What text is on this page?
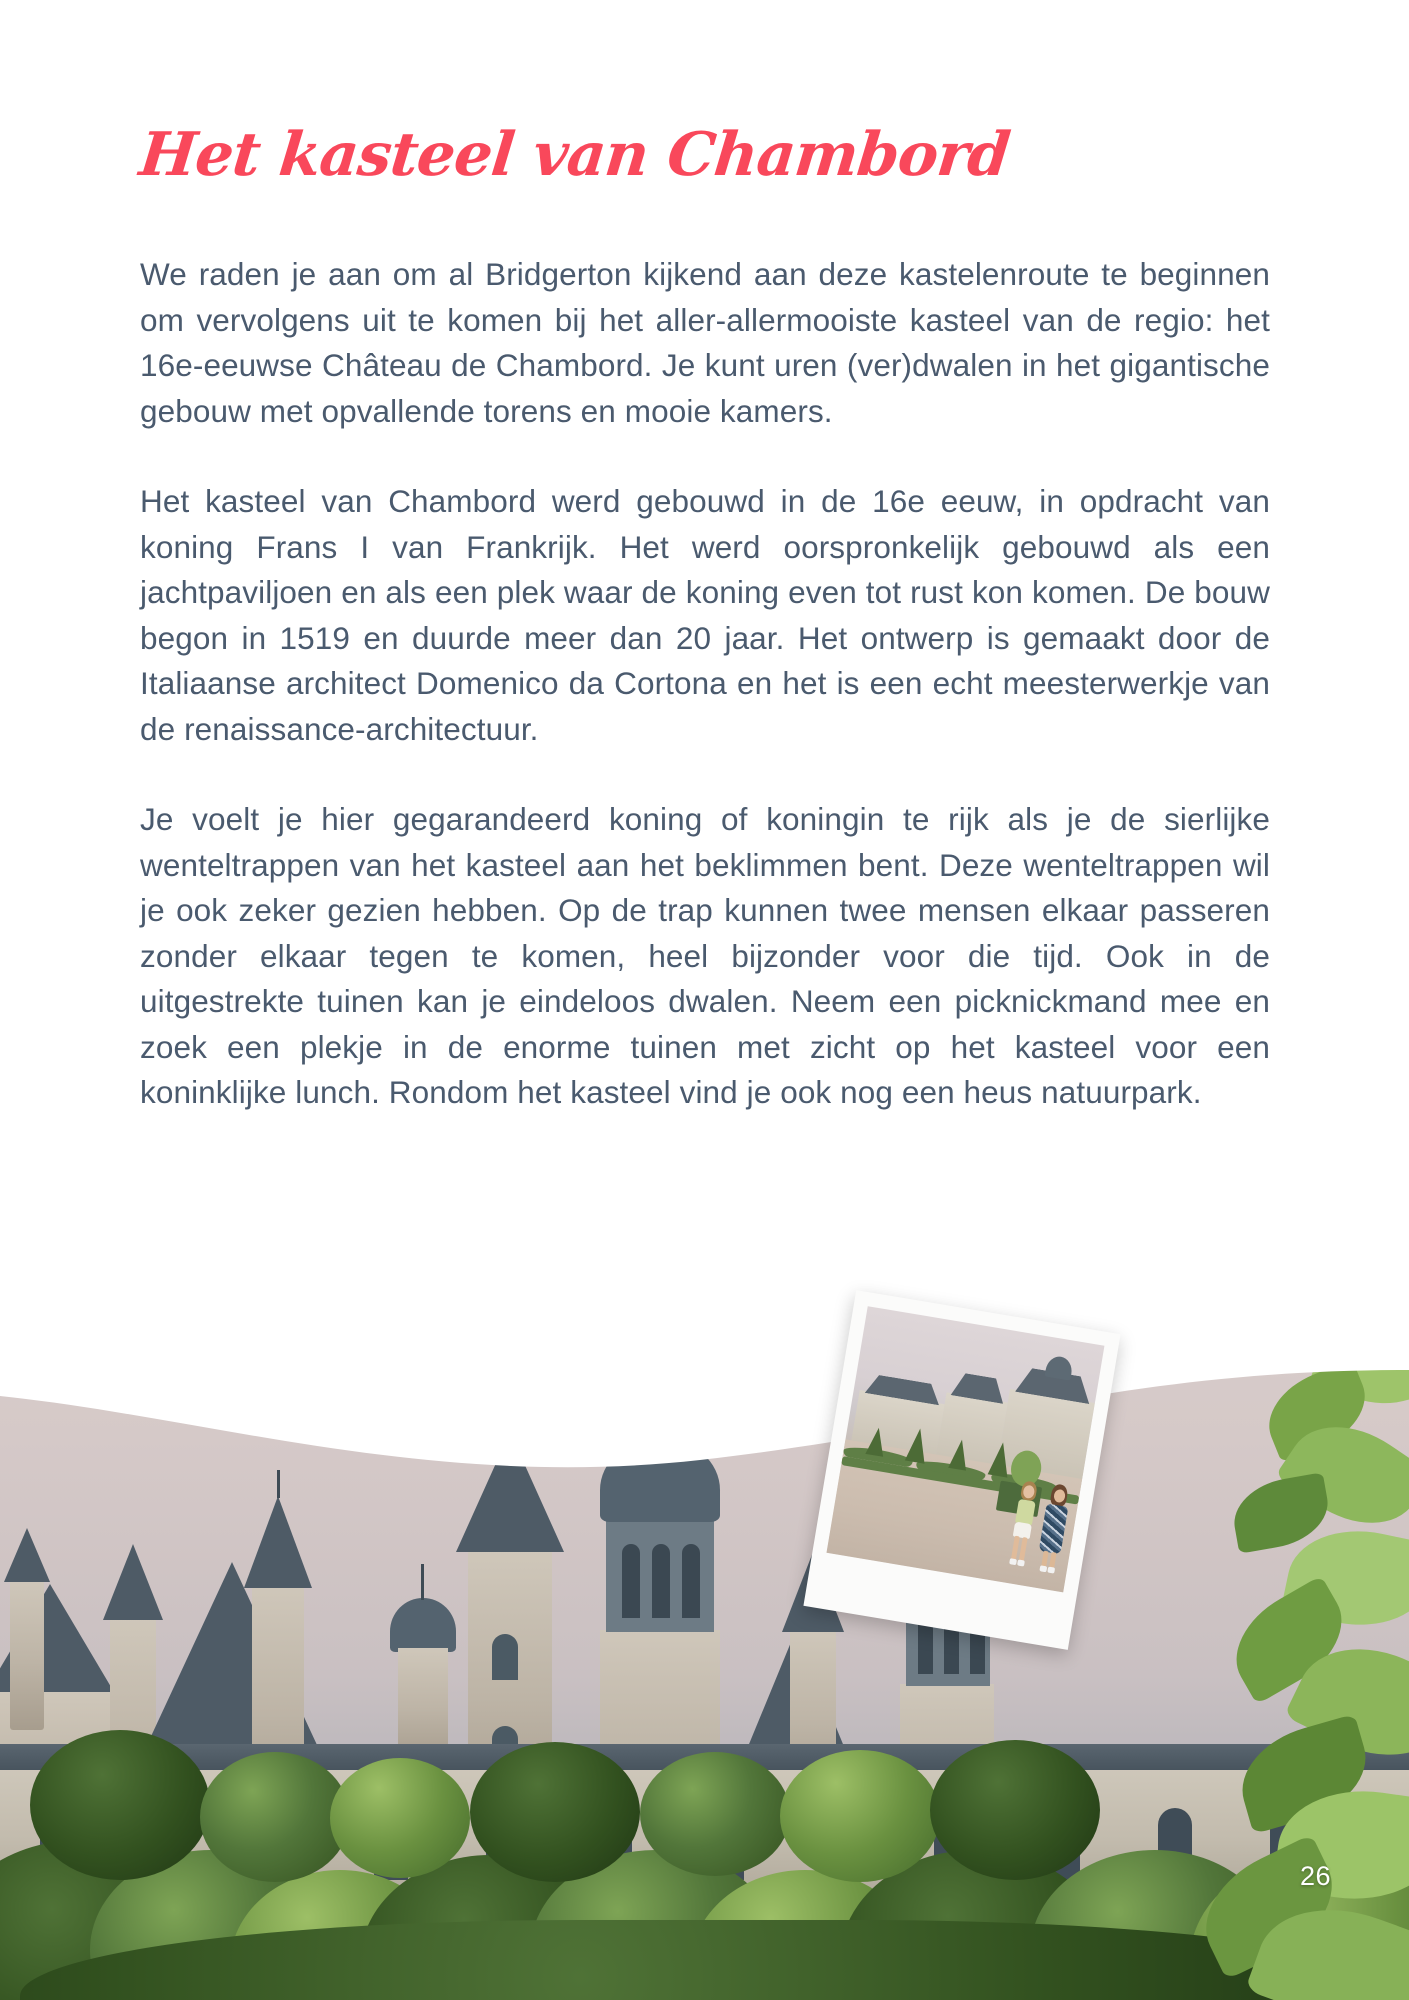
Het kasteel van Chambord

We raden je aan om al Bridgerton kijkend aan deze kastelenroute te beginnen om vervolgens uit te komen bij het aller-allermooiste kasteel van de regio: het 16e-eeuwse Château de Chambord. Je kunt uren (ver)dwalen in het gigantische gebouw met opvallende torens en mooie kamers.

Het kasteel van Chambord werd gebouwd in de 16e eeuw, in opdracht van koning Frans I van Frankrijk. Het werd oorspronkelijk gebouwd als een jachtpaviljoen en als een plek waar de koning even tot rust kon komen. De bouw begon in 1519 en duurde meer dan 20 jaar. Het ontwerp is gemaakt door de Italiaanse architect Domenico da Cortona en het is een echt meesterwerkje van de renaissance-architectuur.

Je voelt je hier gegarandeerd koning of koningin te rijk als je de sierlijke wenteltrappen van het kasteel aan het beklimmen bent. Deze wenteltrappen wil je ook zeker gezien hebben. Op de trap kunnen twee mensen elkaar passeren zonder elkaar tegen te komen, heel bijzonder voor die tijd. Ook in de uitgestrekte tuinen kan je eindeloos dwalen. Neem een picknickmand mee en zoek een plekje in de enorme tuinen met zicht op het kasteel voor een koninklijke lunch. Rondom het kasteel vind je ook nog een heus natuurpark.

26
